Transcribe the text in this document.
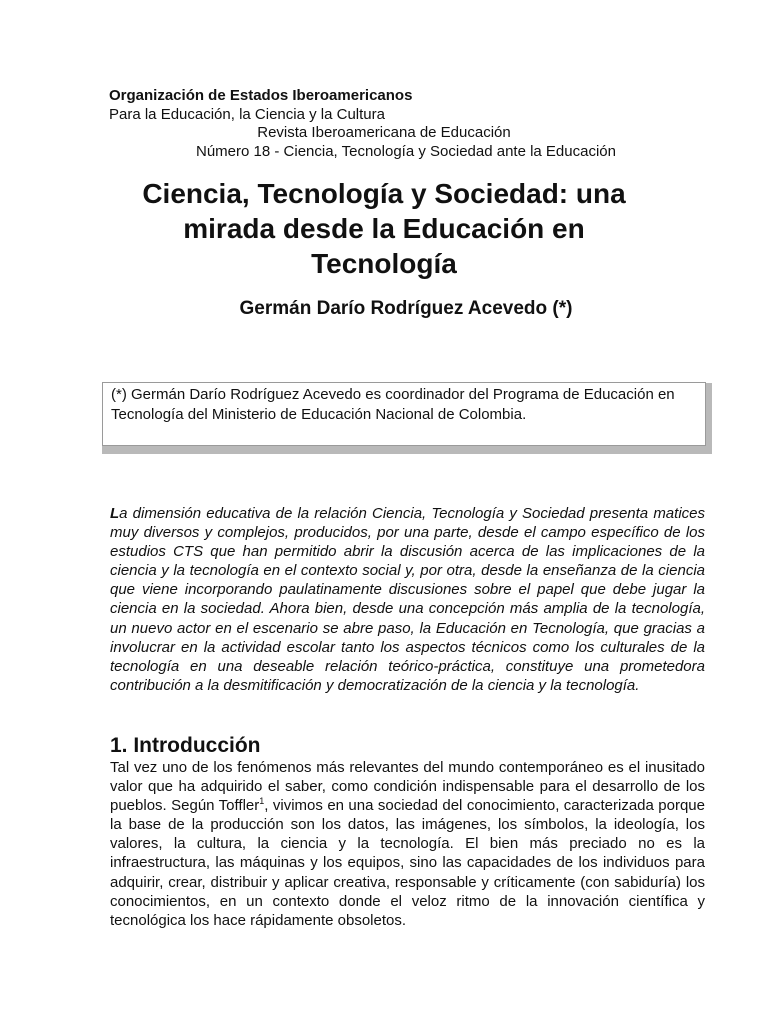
Organización de Estados Iberoamericanos
Para la Educación, la Ciencia y la Cultura
Revista Iberoamericana de Educación
Número 18 - Ciencia, Tecnología y Sociedad ante la Educación
Ciencia, Tecnología y Sociedad: una mirada desde la Educación en Tecnología
Germán Darío Rodríguez Acevedo (*)
(*) Germán Darío Rodríguez Acevedo es coordinador del Programa de Educación en Tecnología del Ministerio de Educación Nacional de Colombia.
La dimensión educativa de la relación Ciencia, Tecnología y Sociedad presenta matices muy diversos y complejos, producidos, por una parte, desde el campo específico de los estudios CTS que han permitido abrir la discusión acerca de las implicaciones de la ciencia y la tecnología en el contexto social y, por otra, desde la enseñanza de la ciencia que viene incorporando paulatinamente discusiones sobre el papel que debe jugar la ciencia en la sociedad. Ahora bien, desde una concepción más amplia de la tecnología, un nuevo actor en el escenario se abre paso, la Educación en Tecnología, que gracias a involucrar en la actividad escolar tanto los aspectos técnicos como los culturales de la tecnología en una deseable relación teórico-práctica, constituye una prometedora contribución a la desmitificación y democratización de la ciencia y la tecnología.
1. Introducción
Tal vez uno de los fenómenos más relevantes del mundo contemporáneo es el inusitado valor que ha adquirido el saber, como condición indispensable para el desarrollo de los pueblos. Según Toffler$^1$, vivimos en una sociedad del conocimiento, caracterizada porque la base de la producción son los datos, las imágenes, los símbolos, la ideología, los valores, la cultura, la ciencia y la tecnología. El bien más preciado no es la infraestructura, las máquinas y los equipos, sino las capacidades de los individuos para adquirir, crear, distribuir y aplicar creativa, responsable y críticamente (con sabiduría) los conocimientos, en un contexto donde el veloz ritmo de la innovación científica y tecnológica los hace rápidamente obsoletos.
